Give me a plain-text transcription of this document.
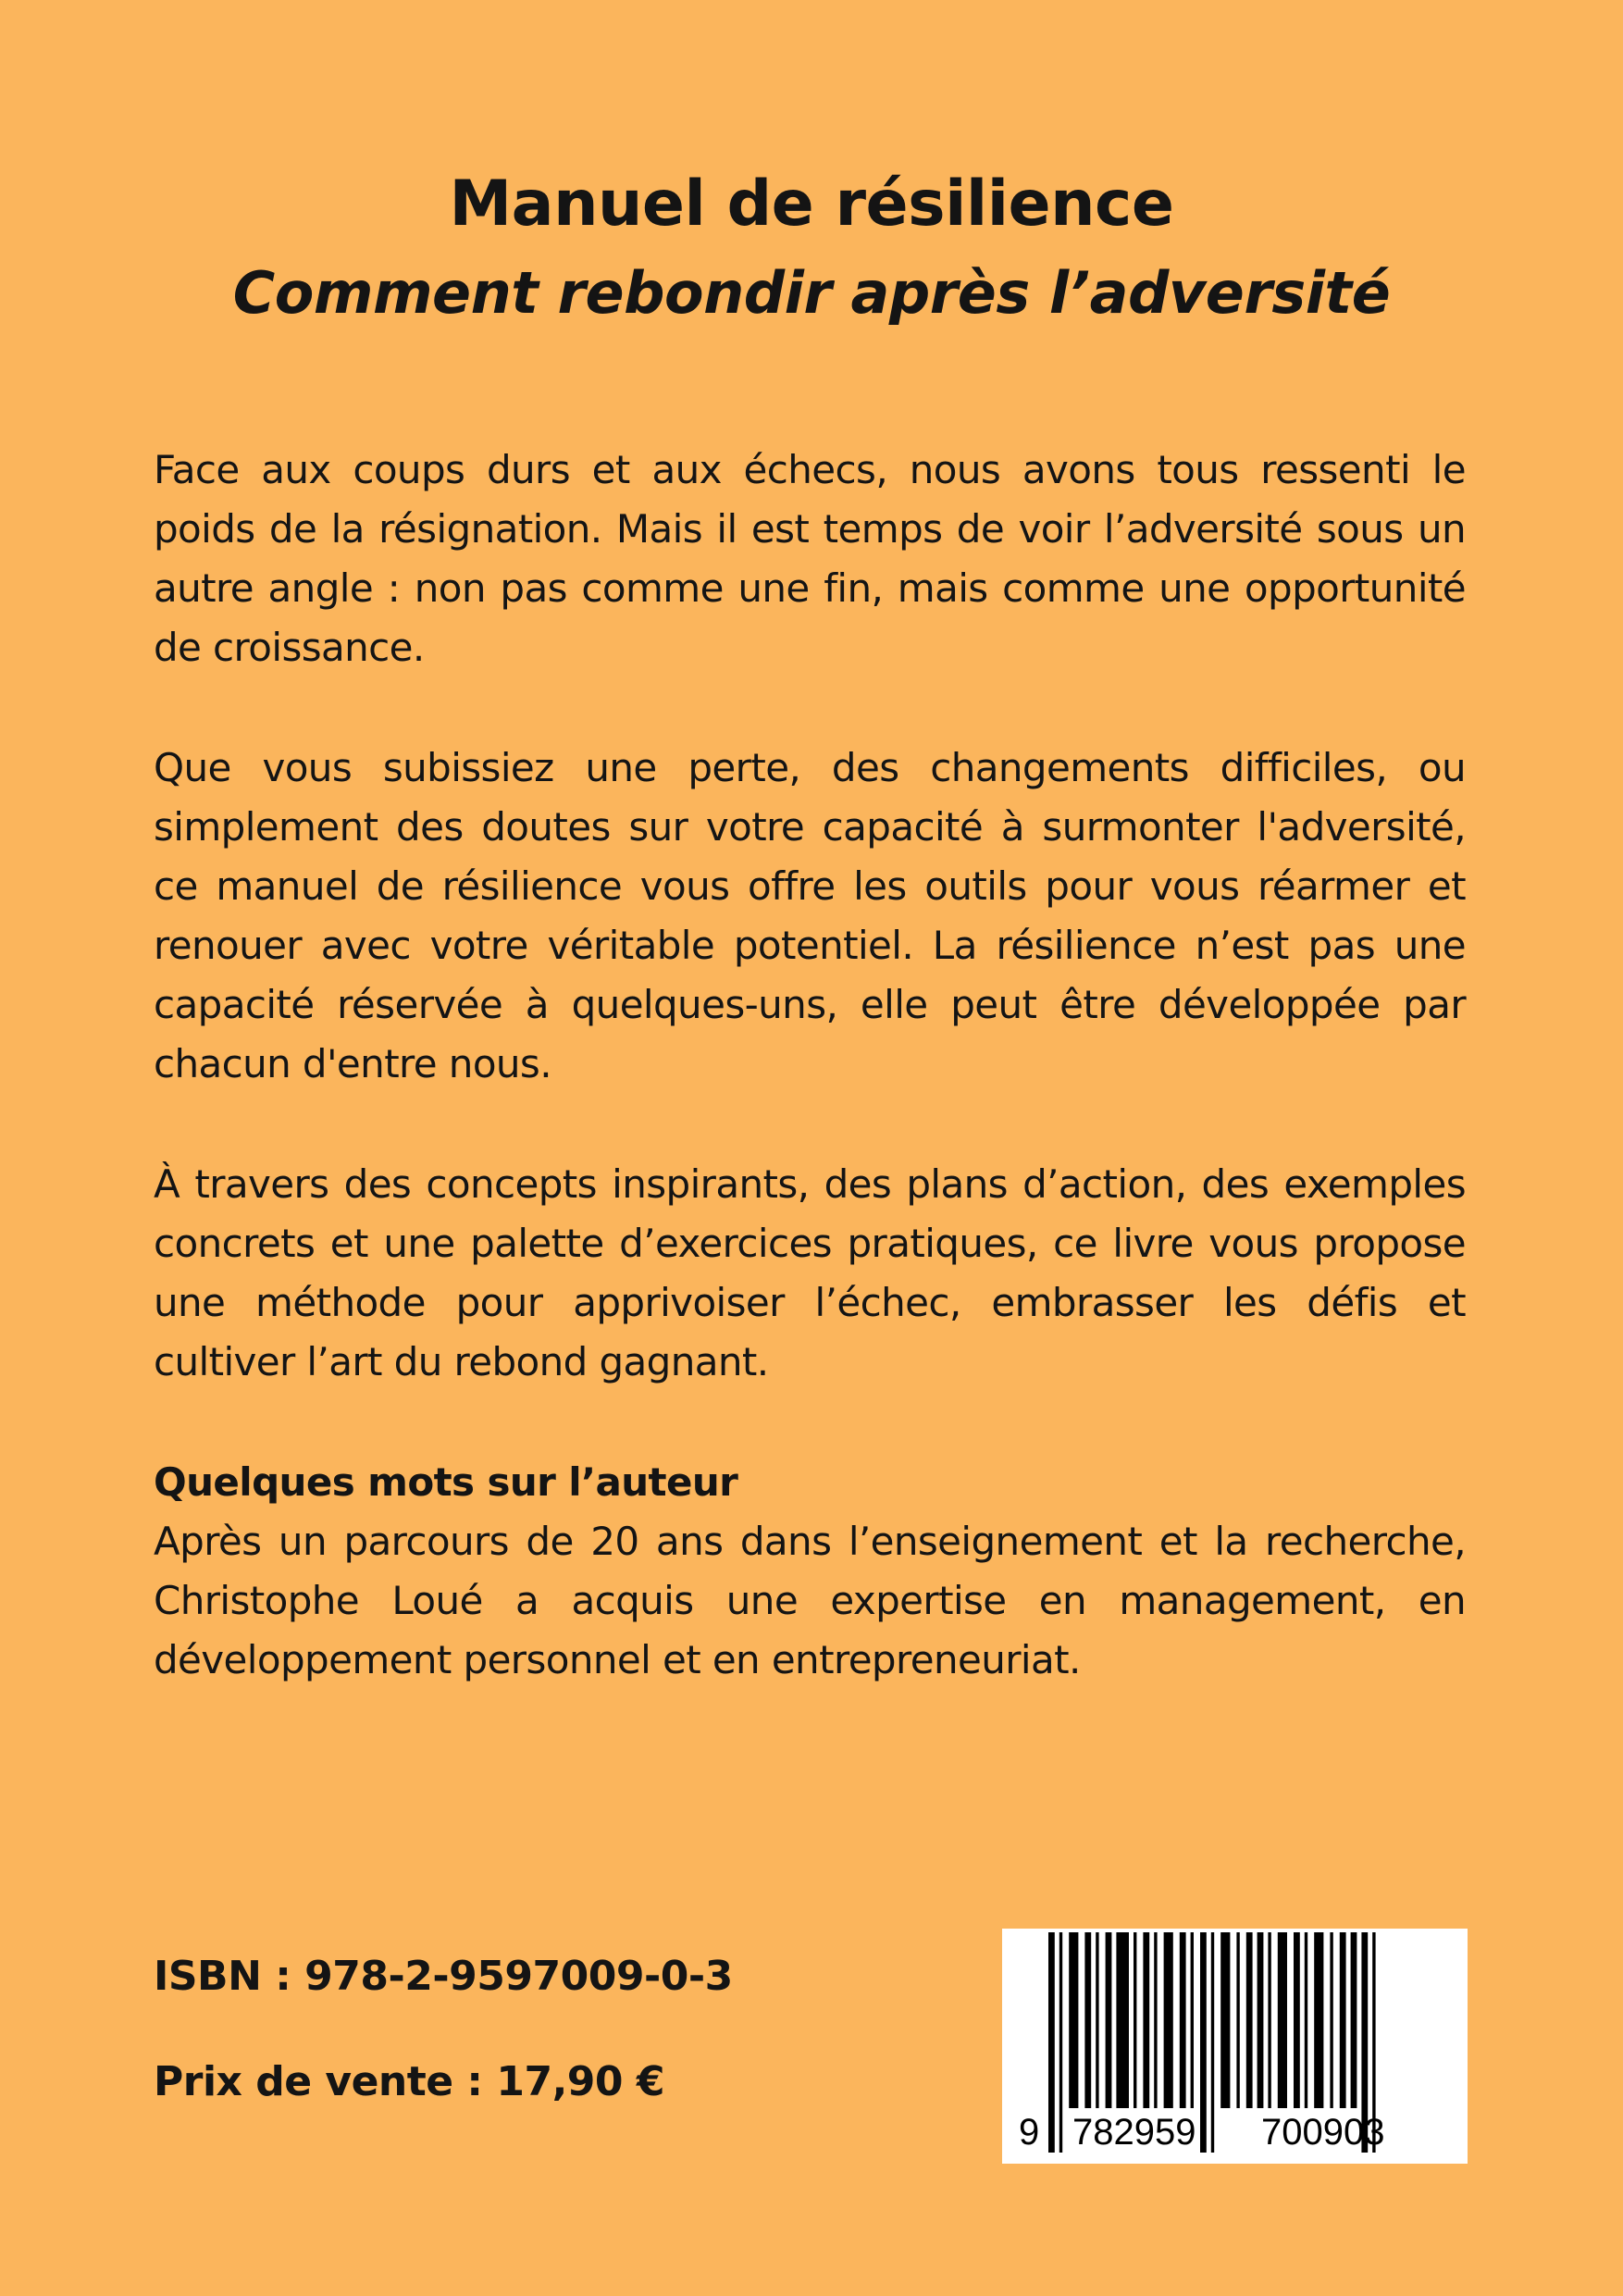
Manuel de résilience
Comment rebondir après l’adversité

Face aux coups durs et aux échecs, nous avons tous ressenti le poids de la résignation. Mais il est temps de voir l’adversité sous un autre angle : non pas comme une fin, mais comme une opportunité de croissance.

Que vous subissiez une perte, des changements difficiles, ou simplement des doutes sur votre capacité à surmonter l'adversité, ce manuel de résilience vous offre les outils pour vous réarmer et renouer avec votre véritable potentiel. La résilience n’est pas une capacité réservée à quelques-uns, elle peut être développée par chacun d'entre nous.

À travers des concepts inspirants, des plans d’action, des exemples concrets et une palette d’exercices pratiques, ce livre vous propose une méthode pour apprivoiser l’échec, embrasser les défis et cultiver l’art du rebond gagnant.

Quelques mots sur l’auteur
Après un parcours de 20 ans dans l’enseignement et la recherche, Christophe Loué a acquis une expertise en management, en développement personnel et en entrepreneuriat.
ISBN : 978-2-9597009-0-3
Prix de vente : 17,90 €
9 782959 700903
